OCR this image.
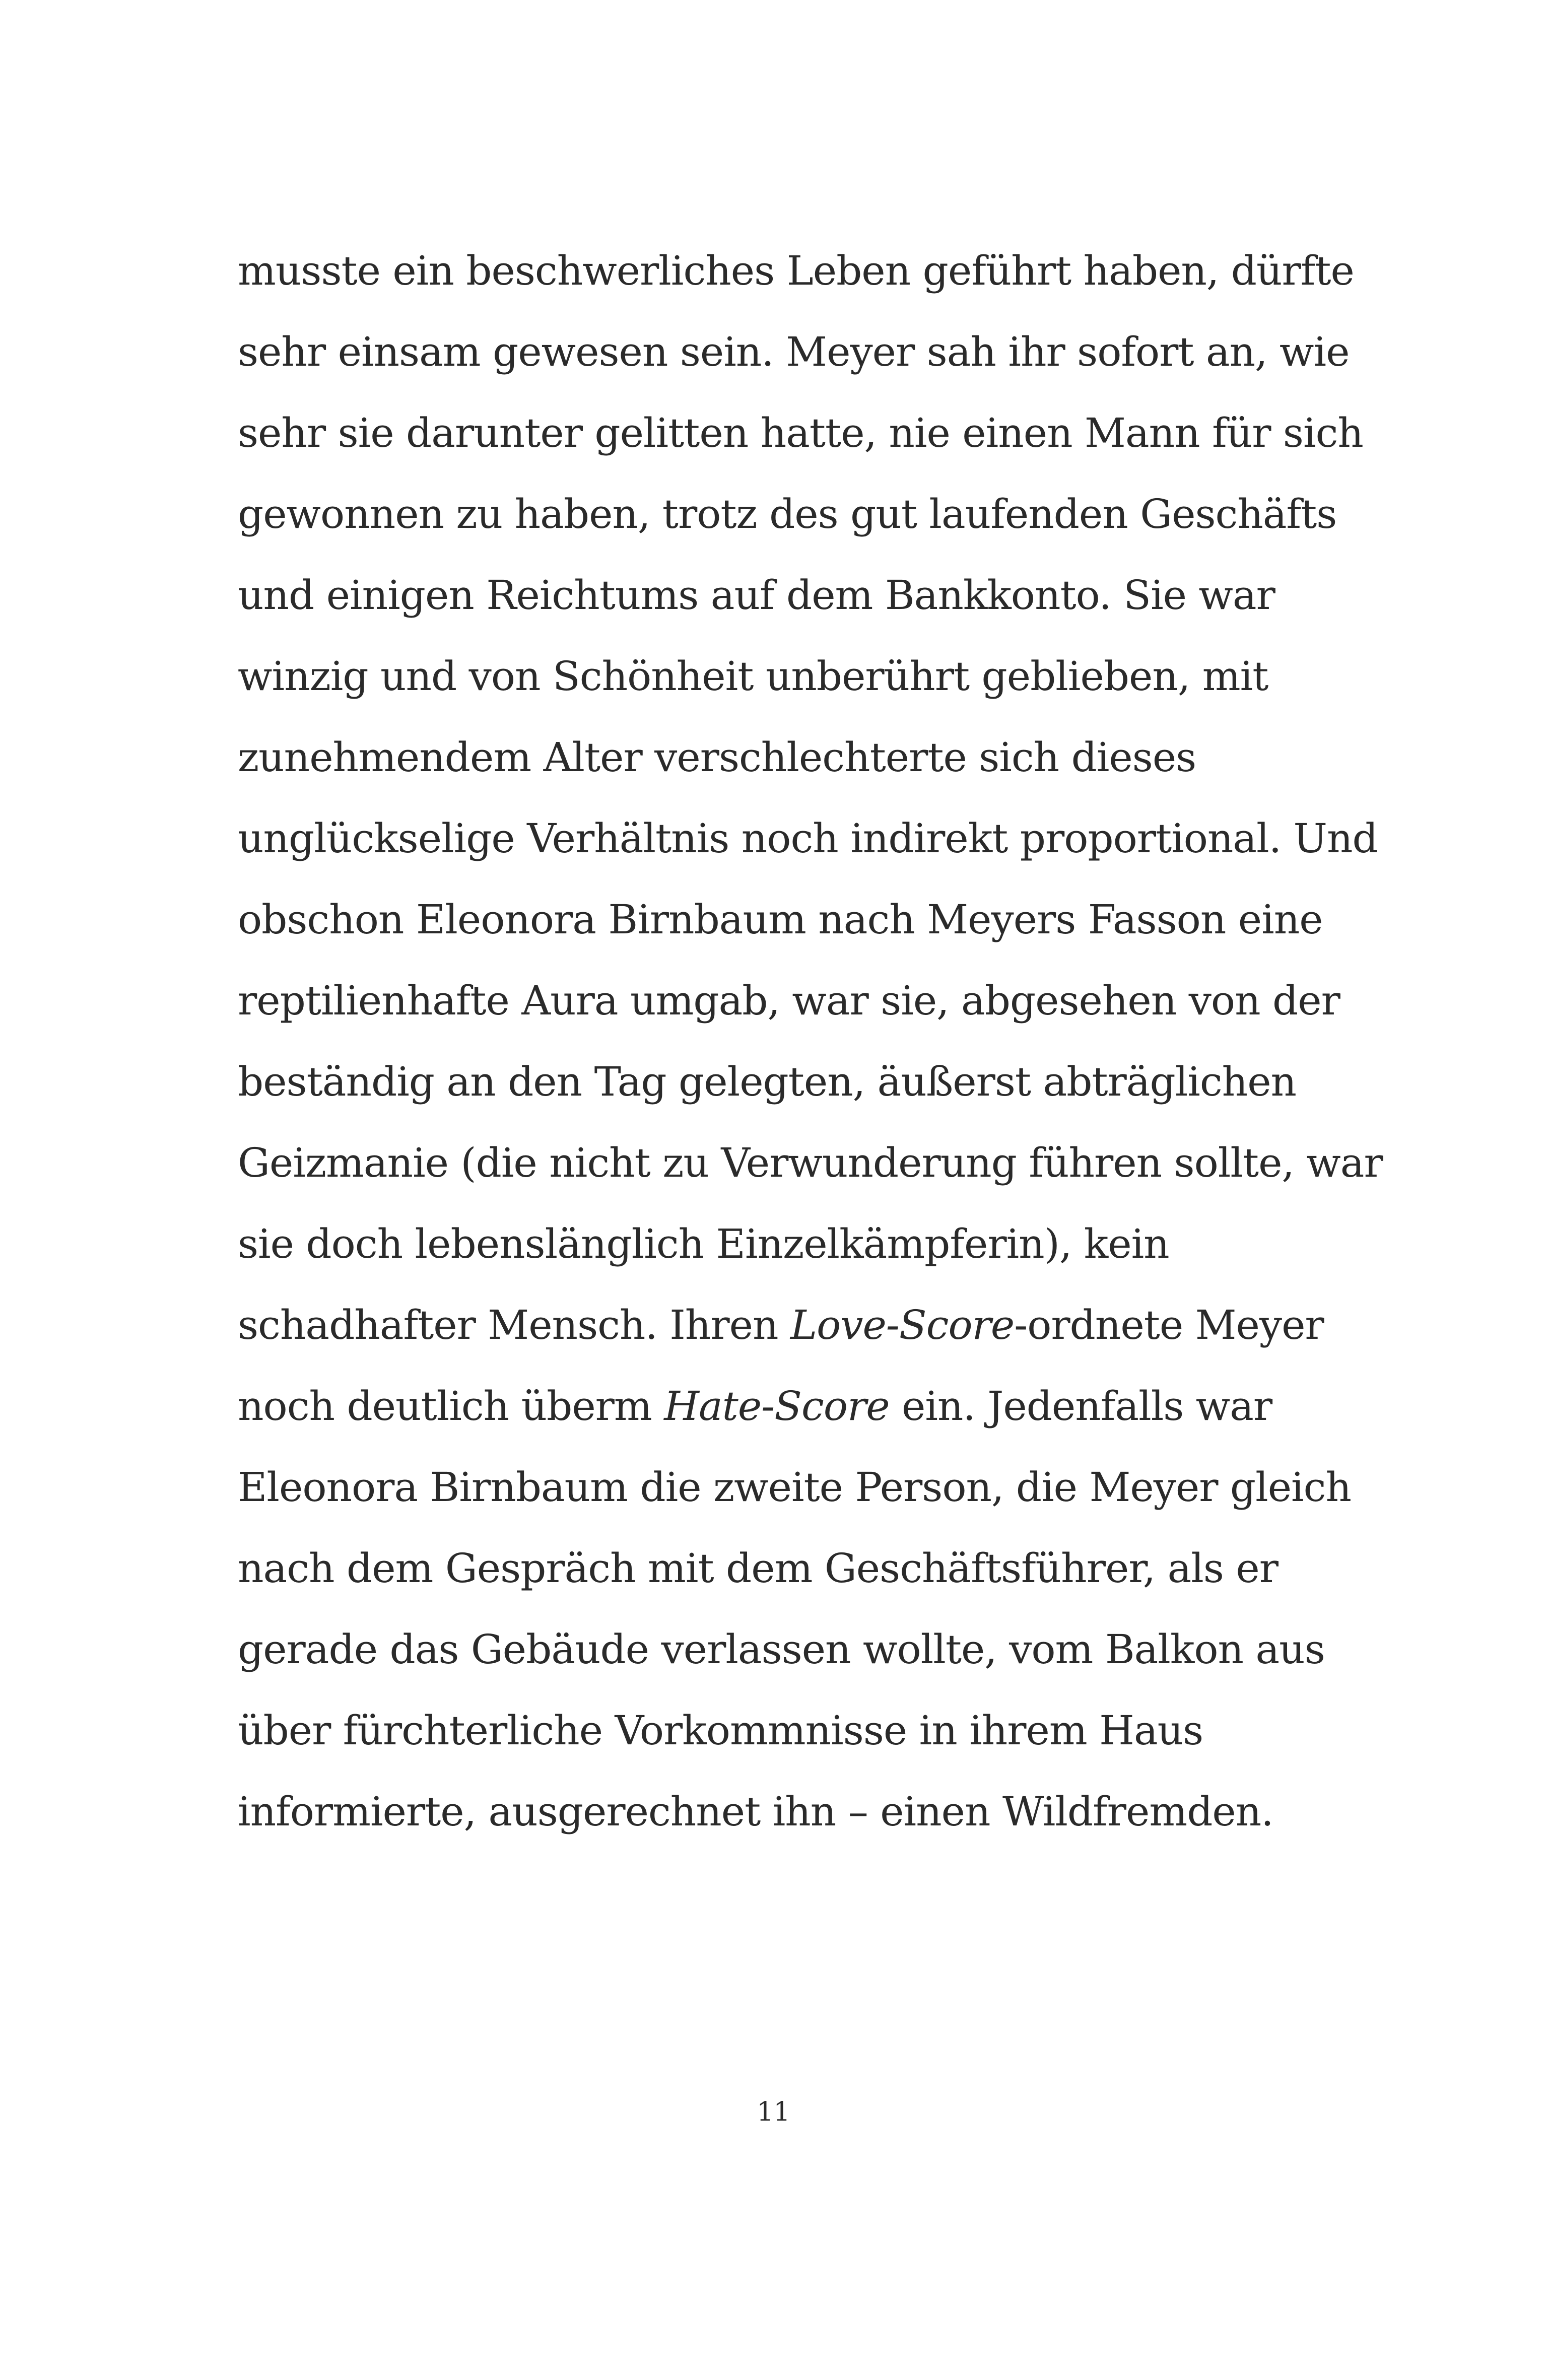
musste ein beschwerliches Leben geführt haben, dürfte
sehr einsam gewesen sein. Meyer sah ihr sofort an, wie
sehr sie darunter gelitten hatte, nie einen Mann für sich
gewonnen zu haben, trotz des gut laufenden Geschäfts
und einigen Reichtums auf dem Bankkonto. Sie war
winzig und von Schönheit unberührt geblieben, mit
zunehmendem Alter verschlechterte sich dieses
unglückselige Verhältnis noch indirekt proportional. Und
obschon Eleonora Birnbaum nach Meyers Fasson eine
reptilienhafte Aura umgab, war sie, abgesehen von der
beständig an den Tag gelegten, äußerst abträglichen
Geizmanie (die nicht zu Verwunderung führen sollte, war
sie doch lebenslänglich Einzelkämpferin), kein
schadhafter Mensch. Ihren Love-Score-ordnete Meyer
noch deutlich überm Hate-Score ein. Jedenfalls war
Eleonora Birnbaum die zweite Person, die Meyer gleich
nach dem Gespräch mit dem Geschäftsführer, als er
gerade das Gebäude verlassen wollte, vom Balkon aus
über fürchterliche Vorkommnisse in ihrem Haus
informierte, ausgerechnet ihn – einen Wildfremden.
11
